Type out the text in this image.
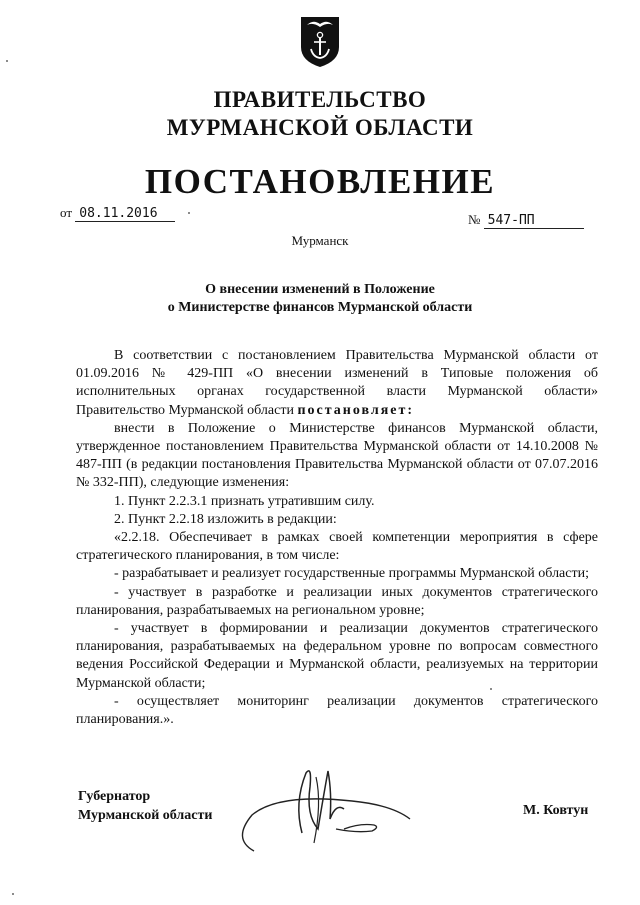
ПРАВИТЕЛЬСТВО
МУРМАНСКОЙ ОБЛАСТИ
ПОСТАНОВЛЕНИЕ
от 08.11.2016	№ 547-ПП
Мурманск
О внесении изменений в Положение
о Министерстве финансов Мурманской области

В соответствии с постановлением Правительства Мурманской области от 01.09.2016 № 429-ПП «О внесении изменений в Типовые положения об исполнительных органах государственной власти Мурманской области» Правительство Мурманской области постановляет:

внести в Положение о Министерстве финансов Мурманской области, утвержденное постановлением Правительства Мурманской области от 14.10.2008 № 487-ПП (в редакции постановления Правительства Мурманской области от 07.07.2016 № 332-ПП), следующие изменения:

1. Пункт 2.2.3.1 признать утратившим силу.

2. Пункт 2.2.18 изложить в редакции:

«2.2.18. Обеспечивает в рамках своей компетенции мероприятия в сфере стратегического планирования, в том числе:

- разрабатывает и реализует государственные программы Мурманской области;

- участвует в разработке и реализации иных документов стратегического планирования, разрабатываемых на региональном уровне;

- участвует в формировании и реализации документов стратегического планирования, разрабатываемых на федеральном уровне по вопросам совместного ведения Российской Федерации и Мурманской области, реализуемых на территории Мурманской области;

- осуществляет мониторинг реализации документов стратегического планирования.».

Губернатор
Мурманской области	М. Ковтун
